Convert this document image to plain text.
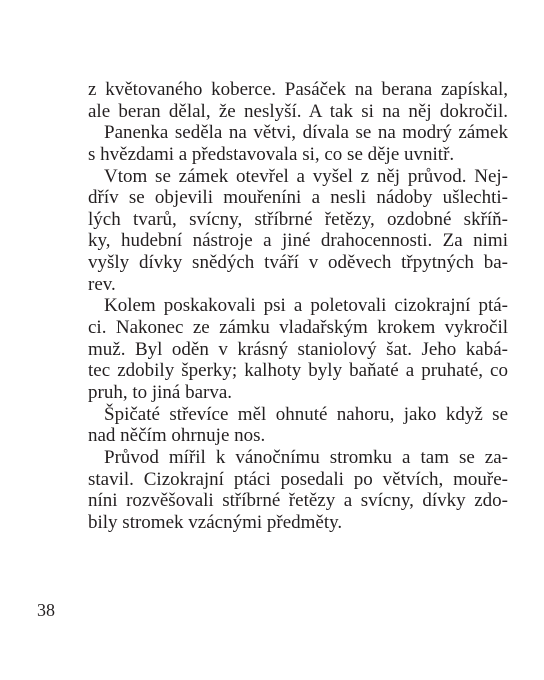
z květovaného koberce. Pasáček na berana zapískal,
ale beran dělal, že neslyší. A tak si na něj dokročil.
Panenka seděla na větvi, dívala se na modrý zámek
s hvězdami a představovala si, co se děje uvnitř.
Vtom se zámek otevřel a vyšel z něj průvod. Nej-
dřív se objevili mouřeníni a nesli nádoby ušlechti-
lých tvarů, svícny, stříbrné řetězy, ozdobné skříň-
ky, hudební nástroje a jiné drahocennosti. Za nimi
vyšly dívky snědých tváří v oděvech třpytných ba-
rev.
Kolem poskakovali psi a poletovali cizokrajní ptá-
ci. Nakonec ze zámku vladařským krokem vykročil
muž. Byl oděn v krásný staniolový šat. Jeho kabá-
tec zdobily šperky; kalhoty byly baňaté a pruhaté, co
pruh, to jiná barva.
Špičaté střevíce měl ohnuté nahoru, jako když se
nad něčím ohrnuje nos.
Průvod mířil k vánočnímu stromku a tam se za-
stavil. Cizokrajní ptáci posedali po větvích, mouře-
níni rozvěšovali stříbrné řetězy a svícny, dívky zdo-
bily stromek vzácnými předměty.
38
